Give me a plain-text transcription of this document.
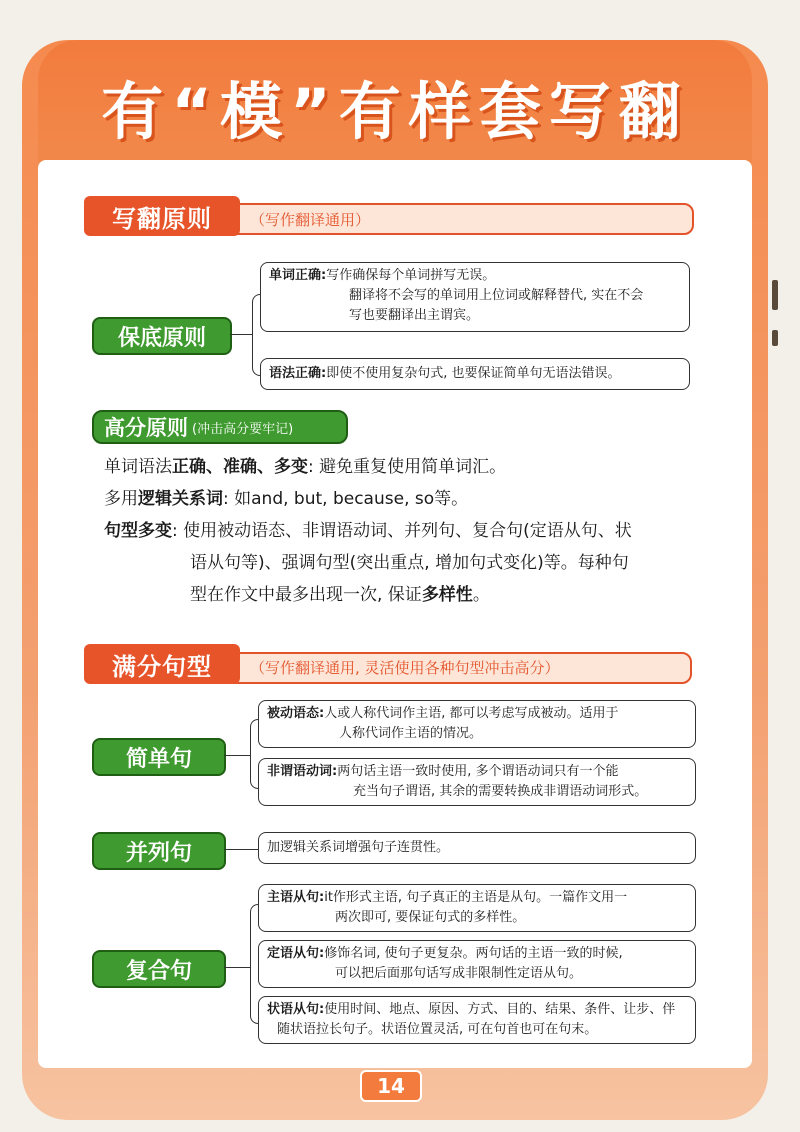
有“模”有样套写翻
写翻原则	（写作翻译通用）
保底原则
单词正确:写作确保每个单词拼写无误。
翻译将不会写的单词用上位词或解释替代, 实在不会
写也要翻译出主谓宾。
语法正确:即使不使用复杂句式, 也要保证简单句无语法错误。
高分原则 (冲击高分要牢记)
单词语法正确、准确、多变: 避免重复使用简单词汇。
多用逻辑关系词: 如and, but, because, so等。
句型多变: 使用被动语态、非谓语动词、并列句、复合句(定语从句、状
语从句等)、强调句型(突出重点, 增加句式变化)等。每种句
型在作文中最多出现一次, 保证多样性。
满分句型	（写作翻译通用, 灵活使用各种句型冲击高分）
简单句
被动语态:人或人称代词作主语, 都可以考虑写成被动。适用于
人称代词作主语的情况。
非谓语动词:两句话主语一致时使用, 多个谓语动词只有一个能
充当句子谓语, 其余的需要转换成非谓语动词形式。
并列句	加逻辑关系词增强句子连贯性。
复合句
主语从句:it作形式主语, 句子真正的主语是从句。一篇作文用一
两次即可, 要保证句式的多样性。
定语从句:修饰名词, 使句子更复杂。两句话的主语一致的时候,
可以把后面那句话写成非限制性定语从句。
状语从句:使用时间、地点、原因、方式、目的、结果、条件、让步、伴
随状语拉长句子。状语位置灵活, 可在句首也可在句末。
14
